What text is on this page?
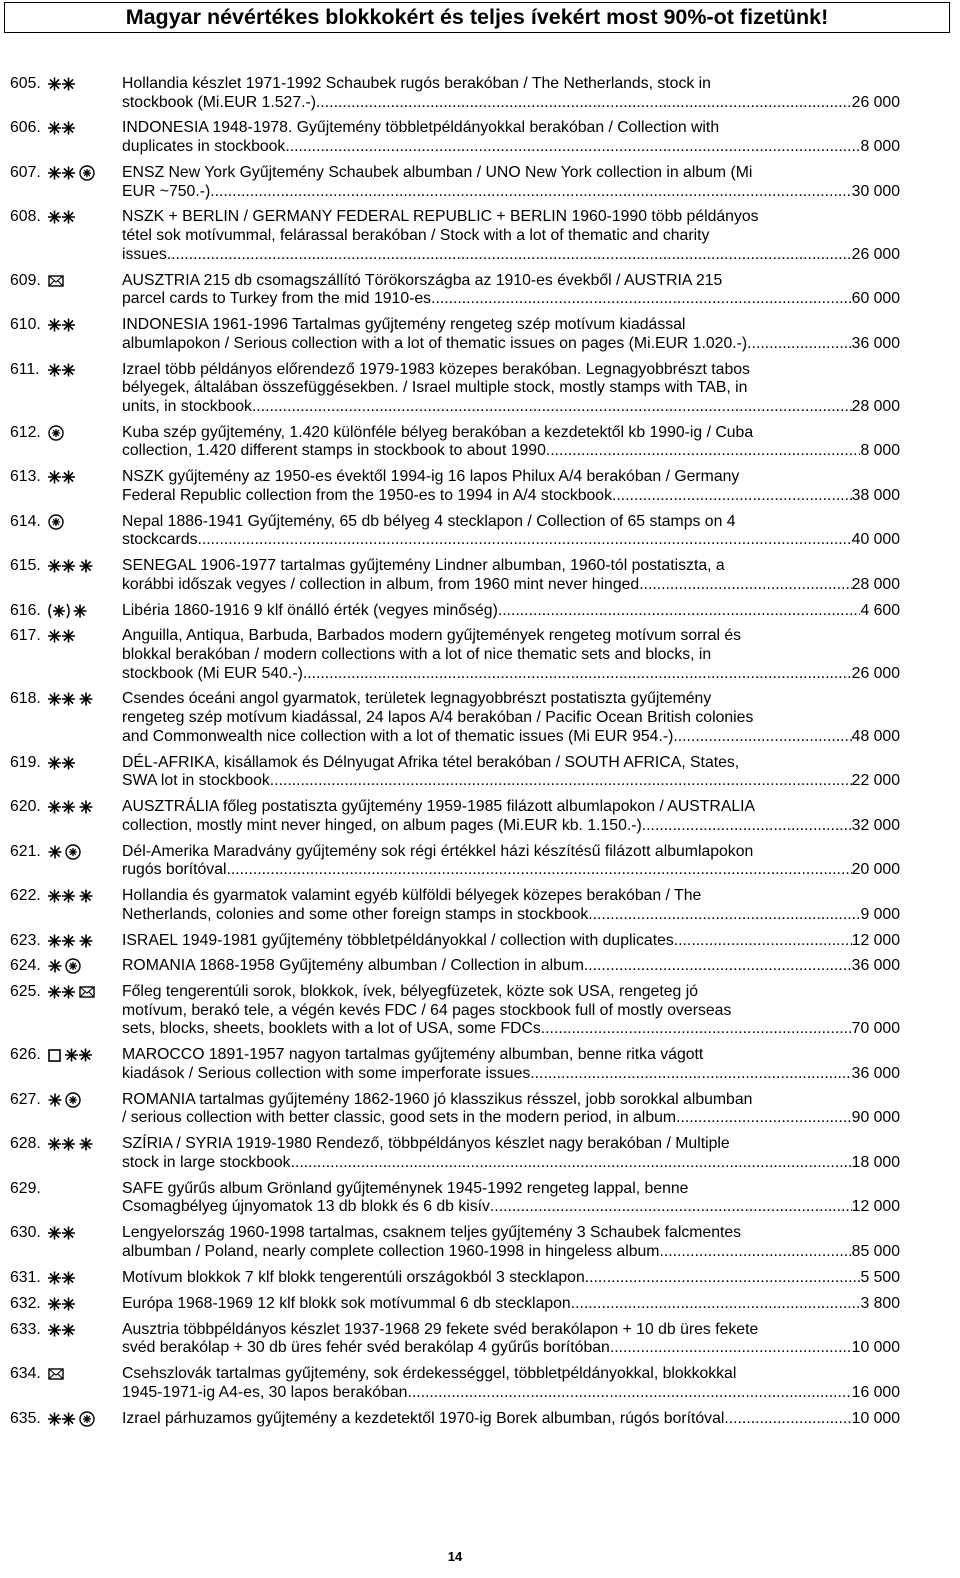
Magyar névértékes blokkokért és teljes ívekért most 90%-ot fizetünk!
605.	Hollandia készlet 1971-1992 Schaubek rugós berakóban / The Netherlands, stock in
stockbook (Mi.EUR 1.527.-) .....	26 000
606.	INDONESIA 1948-1978. Gyűjtemény többletpéldányokkal berakóban / Collection with
duplicates in stockbook .....	8 000
607.	ENSZ New York Gyűjtemény Schaubek albumban / UNO New York collection in album (Mi
EUR ~750.-) .....	30 000
608.	NSZK + BERLIN / GERMANY FEDERAL REPUBLIC + BERLIN 1960-1990 több példányos
tétel sok motívummal, felárassal berakóban / Stock with a lot of thematic and charity
issues. .....	26 000
609.	AUSZTRIA 215 db csomagszállító Törökországba az 1910-es évekből / AUSTRIA 215
parcel cards to Turkey from the mid 1910-es .....	60 000
610.	INDONESIA 1961-1996 Tartalmas gyűjtemény rengeteg szép motívum kiadással
albumlapokon / Serious collection with a lot of thematic issues on pages (Mi.EUR 1.020.-) .....	36 000
611.	Izrael több példányos előrendező 1979-1983 közepes berakóban. Legnagyobbrészt tabos
bélyegek, általában összefüggésekben. / Israel multiple stock, mostly stamps with TAB, in
units, in stockbook. .....	28 000
612.	Kuba szép gyűjtemény, 1.420 különféle bélyeg berakóban a kezdetektől kb 1990-ig / Cuba
collection, 1.420 different stamps in stockbook to about 1990 .....	8 000
613.	NSZK gyűjtemény az 1950-es évektől 1994-ig 16 lapos Philux A/4 berakóban / Germany
Federal Republic collection from the 1950-es to 1994 in A/4 stockbook .....	38 000
614.	Nepal 1886-1941 Gyűjtemény, 65 db bélyeg 4 stecklapon / Collection of 65 stamps on 4
stockcards .....	40 000
615.	SENEGAL 1906-1977 tartalmas gyűjtemény Lindner albumban, 1960-tól postatiszta, a
korábbi időszak vegyes / collection in album, from 1960 mint never hinged .....	28 000
616.	Libéria 1860-1916 9 klf önálló érték (vegyes minőség) .....	4 600
617.	Anguilla, Antiqua, Barbuda, Barbados modern gyűjtemények rengeteg motívum sorral és
blokkal berakóban / modern collections with a lot of nice thematic sets and blocks, in
stockbook (Mi EUR 540.-) .....	26 000
618.	Csendes óceáni angol gyarmatok, területek legnagyobbrészt postatiszta gyűjtemény
rengeteg szép motívum kiadással, 24 lapos A/4 berakóban / Pacific Ocean British colonies
and Commonwealth nice collection with a lot of thematic issues (Mi EUR 954.-) .....	48 000
619.	DÉL-AFRIKA, kisállamok és Délnyugat Afrika tétel berakóban / SOUTH AFRICA, States,
SWA lot in stockbook .....	22 000
620.	AUSZTRÁLIA főleg postatiszta gyűjtemény 1959-1985 filázott albumlapokon / AUSTRALIA
collection, mostly mint never hinged, on album pages (Mi.EUR kb. 1.150.-) .....	32 000
621.	Dél-Amerika Maradvány gyűjtemény sok régi értékkel házi készítésű filázott albumlapokon
rugós borítóval .....	20 000
622.	Hollandia és gyarmatok valamint egyéb külföldi bélyegek közepes berakóban / The
Netherlands, colonies and some other foreign stamps in stockbook .....	9 000
623.	ISRAEL 1949-1981 gyűjtemény többletpéldányokkal / collection with duplicates .....	12 000
624.	ROMANIA 1868-1958 Gyűjtemény albumban / Collection in album .....	36 000
625.	Főleg tengerentúli sorok, blokkok, ívek, bélyegfüzetek, közte sok USA, rengeteg jó
motívum, berakó tele, a végén kevés FDC / 64 pages stockbook full of mostly overseas
sets, blocks, sheets, booklets with a lot of USA, some FDCs .....	70 000
626.	MAROCCO 1891-1957 nagyon tartalmas gyűjtemény albumban, benne ritka vágott
kiadások / Serious collection with some imperforate issues .....	36 000
627.	ROMANIA tartalmas gyűjtemény 1862-1960 jó klasszikus résszel, jobb sorokkal albumban
/ serious collection with better classic, good sets in the modern period, in album .....	90 000
628.	SZÍRIA / SYRIA 1919-1980 Rendező, többpéldányos készlet nagy berakóban / Multiple
stock in large stockbook .....	18 000
629.	SAFE gyűrűs album Grönland gyűjteménynek 1945-1992 rengeteg lappal, benne
Csomagbélyeg újnyomatok 13 db blokk és 6 db kisív .....	12 000
630.	Lengyelország 1960-1998 tartalmas, csaknem teljes gyűjtemény 3 Schaubek falcmentes
albumban / Poland, nearly complete collection 1960-1998 in hingeless album .....	85 000
631.	Motívum blokkok 7 klf blokk tengerentúli országokból 3 stecklapon .....	5 500
632.	Európa 1968-1969 12 klf blokk sok motívummal 6 db stecklapon .....	3 800
633.	Ausztria többpéldányos készlet 1937-1968 29 fekete svéd berakólapon + 10 db üres fekete
svéd berakólap + 30 db üres fehér svéd berakólap 4 gyűrűs borítóban .....	10 000
634.	Csehszlovák tartalmas gyűjtemény, sok érdekességgel, többletpéldányokkal, blokkokkal
1945-1971-ig A4-es, 30 lapos berakóban .....	16 000
635.	Izrael párhuzamos gyűjtemény a kezdetektől 1970-ig Borek albumban, rúgós borítóval .....	10 000
14
